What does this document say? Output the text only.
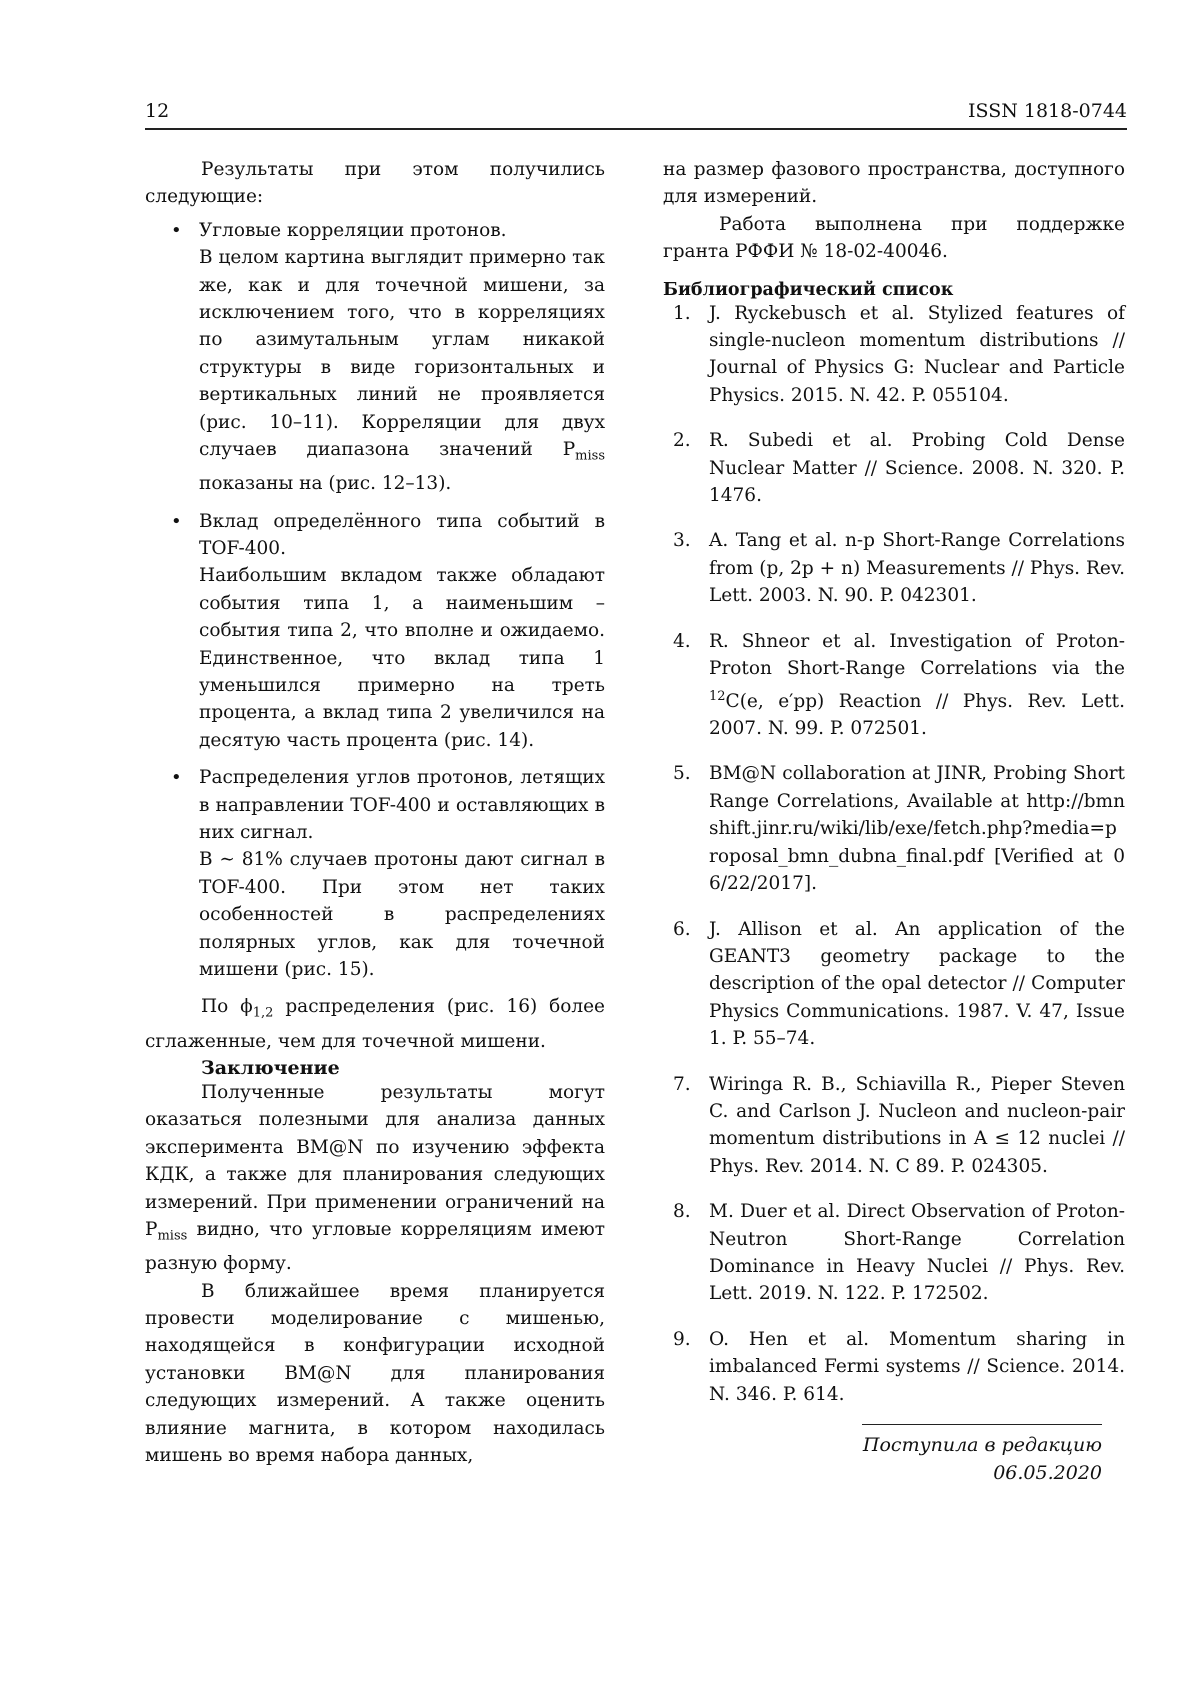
12	ISSN 1818-0744

Результаты при этом получились следующие:

• Угловые корреляции протонов.
В целом картина выглядит примерно так же, как и для точечной мишени, за исключением того, что в корреляциях по азимутальным углам никакой структуры в виде горизонтальных и вертикальных линий не проявляется (рис. 10–11). Корреляции для двух случаев диапазона значений $P_{miss}$ показаны на (рис. 12–13).
• Вклад определённого типа событий в TOF-400.
Наибольшим вкладом также обладают события типа 1, а наименьшим – события типа 2, что вполне и ожидаемо. Единственное, что вклад типа 1 уменьшился примерно на треть процента, а вклад типа 2 увеличился на десятую часть процента (рис. 14).
• Распределения углов протонов, летящих в направлении TOF-400 и оставляющих в них сигнал.
В ∼ 81% случаев протоны дают сигнал в TOF-400. При этом нет таких особенностей в распределениях полярных углов, как для точечной мишени (рис. 15).

По $\phi_{1,2}$ распределения (рис. 16) более сглаженные, чем для точечной мишени.

Заключение

Полученные результаты могут оказаться полезными для анализа данных эксперимента BM@N по изучению эффекта КДК, а также для планирования следующих измерений. При применении ограничений на $P_{miss}$ видно, что угловые корреляциям имеют разную форму.

В ближайшее время планируется провести моделирование с мишенью, находящейся в конфигурации исходной установки BM@N для планирования следующих измерений. А также оценить влияние магнита, в котором находилась мишень во время набора данных,

на размер фазового пространства, доступного для измерений.

Работа выполнена при поддержке гранта РФФИ № 18-02-40046.

Библиографический список
1. J. Ryckebusch et al. Stylized features of single-nucleon momentum distributions // Journal of Physics G: Nuclear and Particle Physics. 2015. N. 42. P. 055104.
2. R. Subedi et al. Probing Cold Dense Nuclear Matter // Science. 2008. N. 320. P. 1476.
3. A. Tang et al. n-p Short-Range Correlations from (p, 2p + n) Measurements // Phys. Rev. Lett. 2003. N. 90. P. 042301.
4. R. Shneor et al. Investigation of Proton-Proton Short-Range Correlations via the $^{12}$C(e, e′pp) Reaction // Phys. Rev. Lett. 2007. N. 99. P. 072501.
5. BM@N collaboration at JINR, Probing Short Range Correlations, Available at http://bmnshift.jinr.ru/wiki/lib/exe/fetch.php?media=proposal_bmn_dubna_final.pdf [Verified at 06/22/2017].
6. J. Allison et al. An application of the GEANT3 geometry package to the description of the opal detector // Computer Physics Communications. 1987. V. 47, Issue 1. P. 55–74.
7. Wiringa R. B., Schiavilla R., Pieper Steven C. and Carlson J. Nucleon and nucleon-pair momentum distributions in A ≤ 12 nuclei // Phys. Rev. 2014. N. C 89. P. 024305.
8. M. Duer et al. Direct Observation of Proton-Neutron Short-Range Correlation Dominance in Heavy Nuclei // Phys. Rev. Lett. 2019. N. 122. P. 172502.
9. O. Hen et al. Momentum sharing in imbalanced Fermi systems // Science. 2014. N. 346. P. 614.
Поступила в редакцию
06.05.2020
